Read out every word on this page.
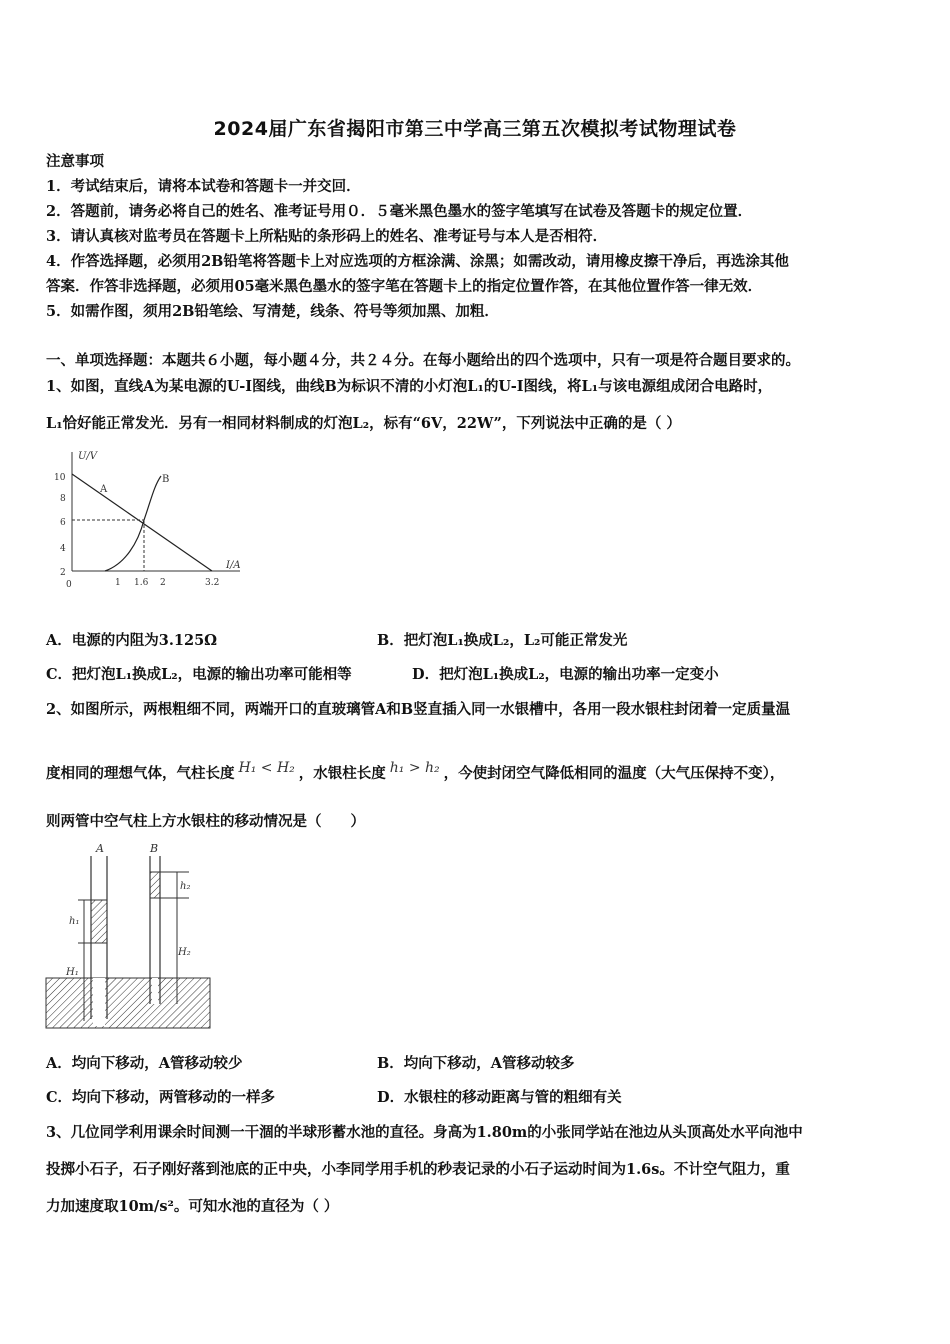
2024届广东省揭阳市第三中学高三第五次模拟考试物理试卷
注意事项
1．考试结束后，请将本试卷和答题卡一并交回．
2．答题前，请务必将自己的姓名、准考证号用０．５毫米黑色墨水的签字笔填写在试卷及答题卡的规定位置．
3．请认真核对监考员在答题卡上所粘贴的条形码上的姓名、准考证号与本人是否相符．
4．作答选择题，必须用2B铅笔将答题卡上对应选项的方框涂满、涂黑；如需改动，请用橡皮擦干净后，再选涂其他
答案．作答非选择题，必须用05毫米黑色墨水的签字笔在答题卡上的指定位置作答，在其他位置作答一律无效．
5．如需作图，须用2B铅笔绘、写清楚，线条、符号等须加黑、加粗．
一、单项选择题：本题共６小题，每小题４分，共２４分。在每小题给出的四个选项中，只有一项是符合题目要求的。
1、如图，直线A为某电源的U-I图线，曲线B为标识不清的小灯泡L₁的U-I图线，将L₁与该电源组成闭合电路时，
L₁恰好能正常发光．另有一相同材料制成的灯泡L₂，标有“6V，22W”，下列说法中正确的是（ ）
U/V
I/A
10
8
6
4
2
0	1 1.6 2	3.2
A
B
A．电源的内阻为3.125Ω	B．把灯泡L₁换成L₂，L₂可能正常发光
C．把灯泡L₁换成L₂，电源的输出功率可能相等	D．把灯泡L₁换成L₂，电源的输出功率一定变小
2、如图所示，两根粗细不同，两端开口的直玻璃管A和B竖直插入同一水银槽中，各用一段水银柱封闭着一定质量温
度相同的理想气体，气柱长度 H₁ < H₂ ，水银柱长度 h₁ > h₂ ，今使封闭空气降低相同的温度（大气压保持不变），
则两管中空气柱上方水银柱的移动情况是（　　）
A	B
h₁
H₁
h₂
H₂
A．均向下移动，A管移动较少	B．均向下移动，A管移动较多
C．均向下移动，两管移动的一样多	D．水银柱的移动距离与管的粗细有关
3、几位同学利用课余时间测一干涸的半球形蓄水池的直径。身高为1.80m的小张同学站在池边从头顶高处水平向池中
投掷小石子，石子刚好落到池底的正中央，小李同学用手机的秒表记录的小石子运动时间为1.6s。不计空气阻力，重
力加速度取10m/s²。可知水池的直径为（ ）
